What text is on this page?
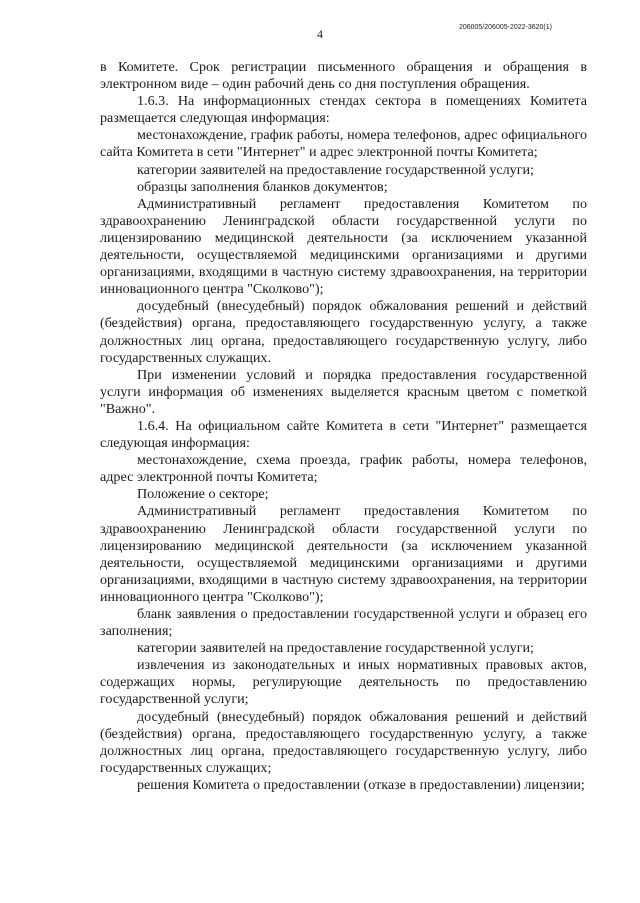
4	206005/206005-2022-3620(1)

в Комитете. Срок регистрации письменного обращения и обращения в электронном виде – один рабочий день со дня поступления обращения.

1.6.3. На информационных стендах сектора в помещениях Комитета размещается следующая информация:

местонахождение, график работы, номера телефонов, адрес официального сайта Комитета в сети "Интернет" и адрес электронной почты Комитета;

категории заявителей на предоставление государственной услуги;

образцы заполнения бланков документов;

Административный регламент предоставления Комитетом по здравоохранению Ленинградской области государственной услуги по лицензированию медицинской деятельности (за исключением указанной деятельности, осуществляемой медицинскими организациями и другими организациями, входящими в частную систему здравоохранения, на территории инновационного центра "Сколково");

досудебный (внесудебный) порядок обжалования решений и действий (бездействия) органа, предоставляющего государственную услугу, а также должностных лиц органа, предоставляющего государственную услугу, либо государственных служащих.

При изменении условий и порядка предоставления государственной услуги информация об изменениях выделяется красным цветом с пометкой "Важно".

1.6.4. На официальном сайте Комитета в сети "Интернет" размещается следующая информация:

местонахождение, схема проезда, график работы, номера телефонов, адрес электронной почты Комитета;

Положение о секторе;

Административный регламент предоставления Комитетом по здравоохранению Ленинградской области государственной услуги по лицензированию медицинской деятельности (за исключением указанной деятельности, осуществляемой медицинскими организациями и другими организациями, входящими в частную систему здравоохранения, на территории инновационного центра "Сколково");

бланк заявления о предоставлении государственной услуги и образец его заполнения;

категории заявителей на предоставление государственной услуги;

извлечения из законодательных и иных нормативных правовых актов, содержащих нормы, регулирующие деятельность по предоставлению государственной услуги;

досудебный (внесудебный) порядок обжалования решений и действий (бездействия) органа, предоставляющего государственную услугу, а также должностных лиц органа, предоставляющего государственную услугу, либо государственных служащих;

решения Комитета о предоставлении (отказе в предоставлении) лицензии;
